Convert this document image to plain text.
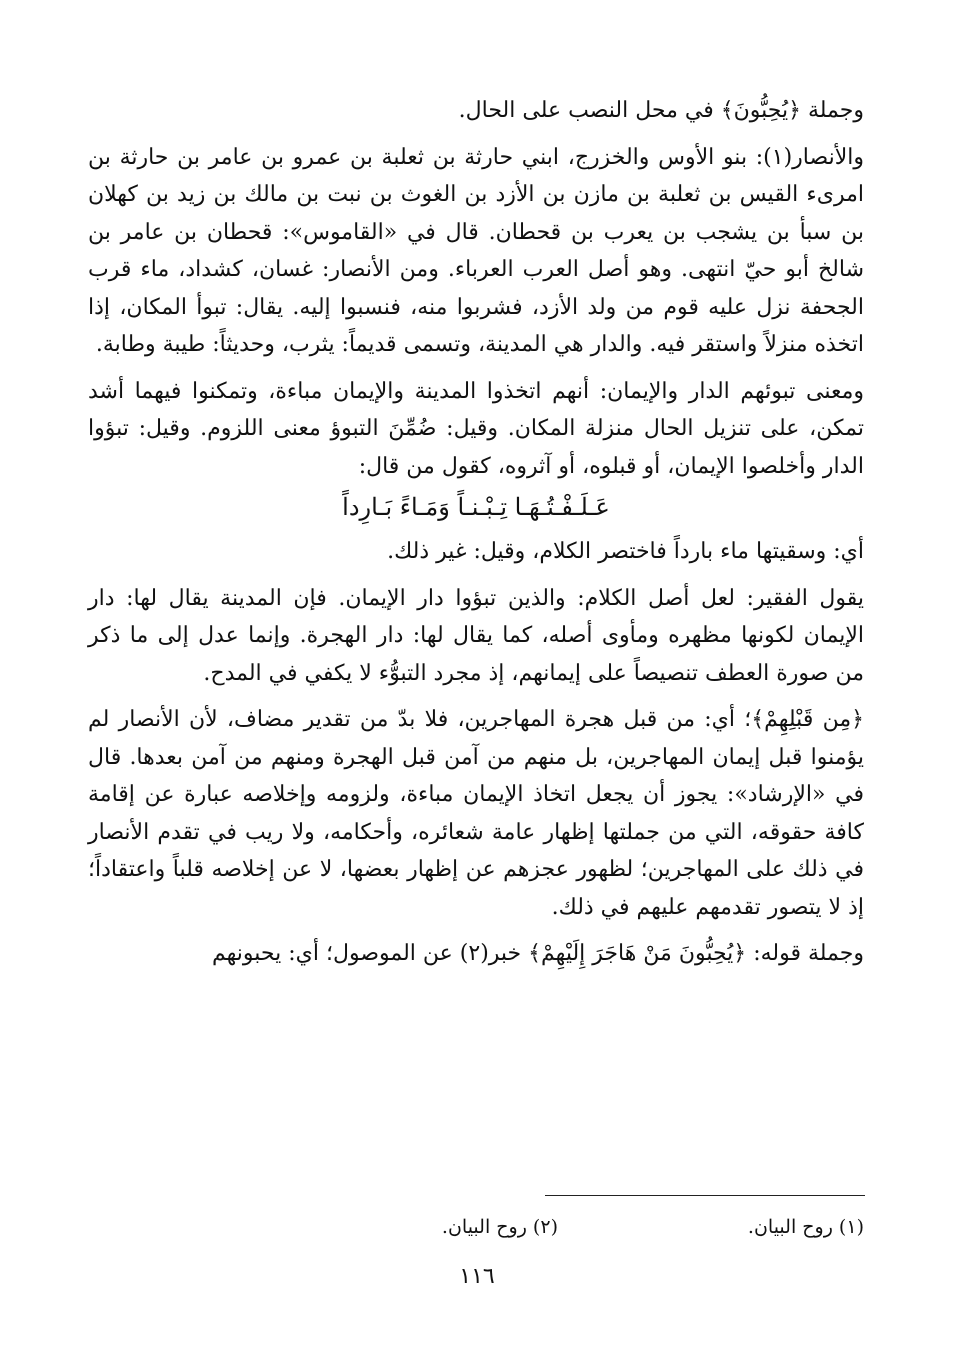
وجملة ﴿يُحِبُّونَ﴾ في محل النصب على الحال.

والأنصار(١): بنو الأوس والخزرج، ابني حارثة بن ثعلبة بن عمرو بن عامر بن حارثة بن امرىء القيس بن ثعلبة بن مازن بن الأزد بن الغوث بن نبت بن مالك بن زيد بن كهلان بن سبأ بن يشجب بن يعرب بن قحطان. قال في «القاموس»: قحطان بن عامر بن شالخ أبو حيّ انتهى. وهو أصل العرب العرباء. ومن الأنصار: غسان، كشداد، ماء قرب الجحفة نزل عليه قوم من ولد الأزد، فشربوا منه، فنسبوا إليه. يقال: تبوأ المكان، إذا اتخذه منزلاً واستقر فيه. والدار هي المدينة، وتسمى قديماً: يثرب، وحديثاً: طيبة وطابة.

ومعنى تبوئهم الدار والإيمان: أنهم اتخذوا المدينة والإيمان مباءة، وتمكنوا فيهما أشد تمكن، على تنزيل الحال منزلة المكان. وقيل: ضُمِّنَ التبوؤ معنى اللزوم. وقيل: تبؤوا الدار وأخلصوا الإيمان، أو قبلوه، أو آثروه، كقول من قال:

عَـلَـفْـتُـهَـا تِـبْـنـاً وَمَـاءً بَـارِداً

أي: وسقيتها ماء بارداً فاختصر الكلام، وقيل: غير ذلك.

يقول الفقير: لعل أصل الكلام: والذين تبؤوا دار الإيمان. فإن المدينة يقال لها: دار الإيمان لكونها مظهره ومأوى أصله، كما يقال لها: دار الهجرة. وإنما عدل إلى ما ذكر من صورة العطف تنصيصاً على إيمانهم، إذ مجرد التبوُّء لا يكفي في المدح.

﴿مِن قَبْلِهِمْ﴾؛ أي: من قبل هجرة المهاجرين، فلا بدّ من تقدير مضاف، لأن الأنصار لم يؤمنوا قبل إيمان المهاجرين، بل منهم من آمن قبل الهجرة ومنهم من آمن بعدها. قال في «الإرشاد»: يجوز أن يجعل اتخاذ الإيمان مباءة، ولزومه وإخلاصه عبارة عن إقامة كافة حقوقه، التي من جملتها إظهار عامة شعائره، وأحكامه، ولا ريب في تقدم الأنصار في ذلك على المهاجرين؛ لظهور عجزهم عن إظهار بعضها، لا عن إخلاصه قلباً واعتقاداً؛ إذ لا يتصور تقدمهم عليهم في ذلك.

وجملة قوله: ﴿يُحِبُّونَ مَنْ هَاجَرَ إِلَيْهِمْ﴾ خبر(٢) عن الموصول؛ أي: يحبونهم

(١) روح البيان.
(٢) روح البيان.
١١٦
